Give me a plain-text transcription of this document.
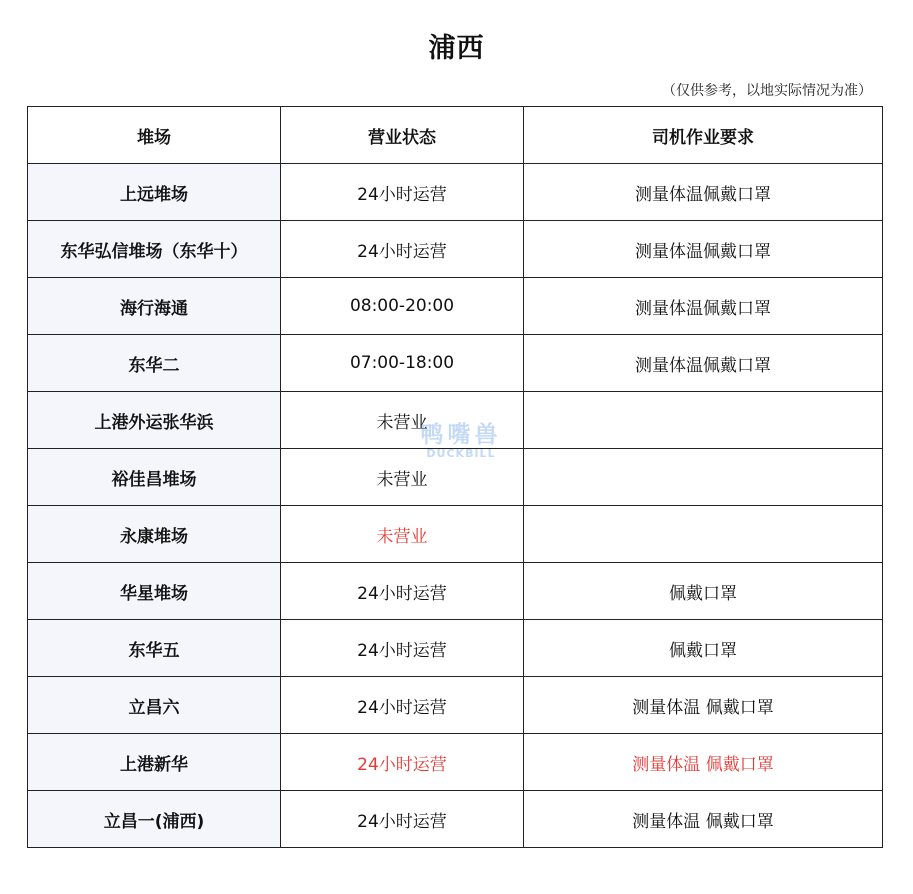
浦西
（仅供参考，以地实际情况为准）
堆场	营业状态	司机作业要求
上远堆场	24小时运营	测量体温佩戴口罩
东华弘信堆场（东华十）	24小时运营	测量体温佩戴口罩
海行海通	08:00-20:00	测量体温佩戴口罩
东华二	07:00-18:00	测量体温佩戴口罩
上港外运张华浜	未营业	
裕佳昌堆场	未营业	
永康堆场	未营业	
华星堆场	24小时运营	佩戴口罩
东华五	24小时运营	佩戴口罩
立昌六	24小时运营	测量体温 佩戴口罩
上港新华	24小时运营	测量体温 佩戴口罩
立昌一(浦西)	24小时运营	测量体温 佩戴口罩
鸭嘴兽
DUCKBILL
